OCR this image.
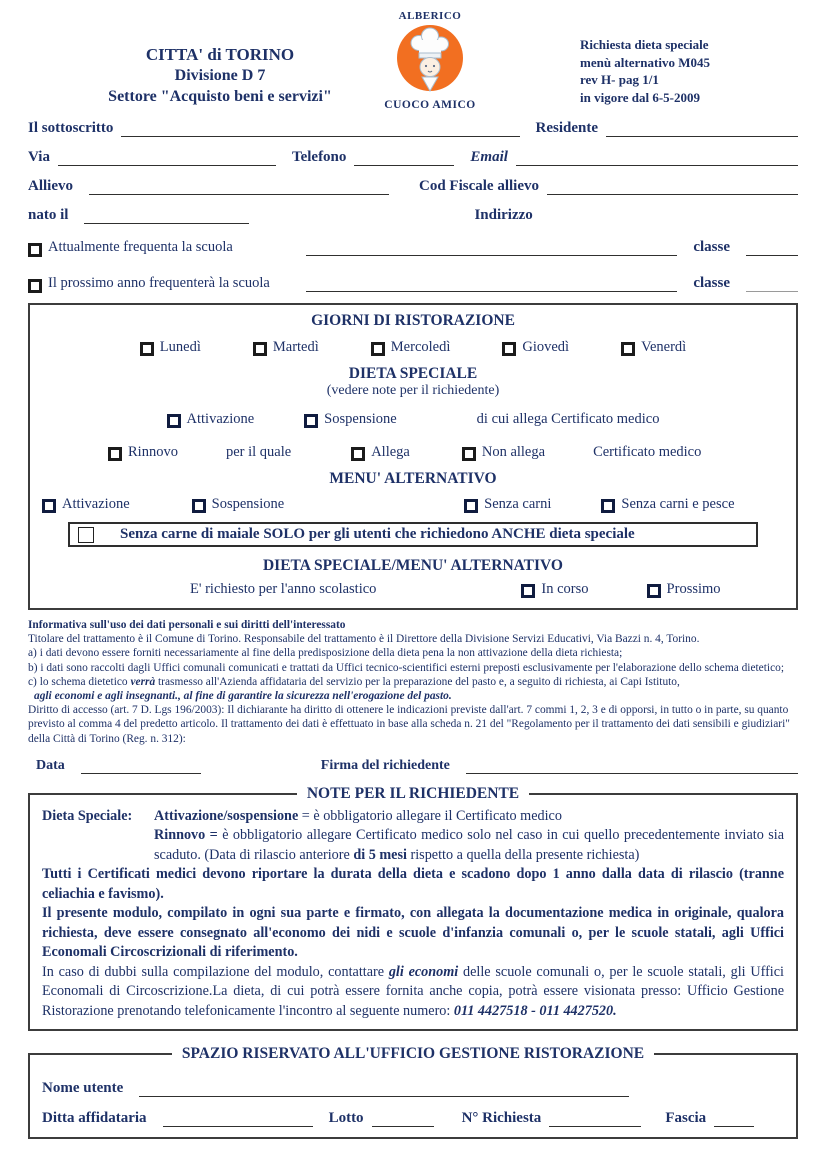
CITTA' di TORINO
Divisione D 7
Settore "Acquisto beni e servizi"
ALBERICO
CUOCO AMICO
Richiesta dieta speciale
menù alternativo M045
rev H- pag 1/1
in vigore dal 6-5-2009
Il sottoscritto	Residente
Via	Telefono	Email
Allievo	Cod Fiscale allievo
nato il	Indirizzo
Attualmente frequenta la scuola	classe
Il prossimo anno frequenterà la scuola	classe
GIORNI DI RISTORAZIONE
Lunedì	Martedì	Mercoledì	Giovedì	Venerdì
DIETA SPECIALE
(vedere note per il richiedente)
Attivazione	Sospensione	di cui allega Certificato medico
Rinnovo	per il quale	Allega	Non allega	Certificato medico
MENU' ALTERNATIVO
Attivazione	Sospensione	Senza carni	Senza carni e pesce
Senza carne di maiale SOLO per gli utenti che richiedono ANCHE dieta speciale
DIETA SPECIALE/MENU' ALTERNATIVO
E' richiesto per l'anno scolastico	In corso	Prossimo
Informativa sull'uso dei dati personali e sui diritti dell'interessato
Titolare del trattamento è il Comune di Torino. Responsabile del trattamento è il Direttore della Divisione Servizi Educativi, Via Bazzi n. 4, Torino.
a) i dati devono essere forniti necessariamente al fine della predisposizione della dieta pena la non attivazione della dieta richiesta;
b) i dati sono raccolti dagli Uffici comunali comunicati e trattati da Uffici tecnico-scientifici esterni preposti esclusivamente per l'elaborazione dello schema dietetico;
c) lo schema dietetico verrà trasmesso all'Azienda affidataria del servizio per la preparazione del pasto e, a seguito di richiesta, ai Capi Istituto,
agli economi e agli insegnanti., al fine di garantire la sicurezza nell'erogazione del pasto.
Diritto di accesso (art. 7 D. Lgs 196/2003): Il dichiarante ha diritto di ottenere le indicazioni previste dall'art. 7 commi 1, 2, 3 e di opporsi, in tutto o in parte, su quanto previsto al comma 4 del predetto articolo. Il trattamento dei dati è effettuato in base alla scheda n. 21 del "Regolamento per il trattamento dei dati sensibili e giudiziari" della Città di Torino (Reg. n. 312):
Data	Firma del richiedente
NOTE PER IL RICHIEDENTE
Dieta Speciale:	Attivazione/sospensione = è obbligatorio allegare il Certificato medico
Rinnovo = è obbligatorio allegare Certificato medico solo nel caso in cui quello precedentemente inviato sia scaduto. (Data di rilascio anteriore di 5 mesi rispetto a quella della presente richiesta)
Tutti i Certificati medici devono riportare la durata della dieta e scadono dopo 1 anno dalla data di rilascio (tranne celiachia e favismo).
Il presente modulo, compilato in ogni sua parte e firmato, con allegata la documentazione medica in originale, qualora richiesta, deve essere consegnato all'economo dei nidi e scuole d'infanzia comunali o, per le scuole statali, agli Uffici Economali Circoscrizionali di riferimento.
In caso di dubbi sulla compilazione del modulo, contattare gli economi delle scuole comunali o, per le scuole statali, gli Uffici Economali di Circoscrizione.La dieta, di cui potrà essere fornita anche copia, potrà essere visionata presso: Ufficio Gestione Ristorazione prenotando telefonicamente l'incontro al seguente numero: 011 4427518 - 011 4427520.
SPAZIO RISERVATO ALL'UFFICIO GESTIONE RISTORAZIONE
Nome utente
Ditta affidataria	Lotto	N° Richiesta	Fascia
